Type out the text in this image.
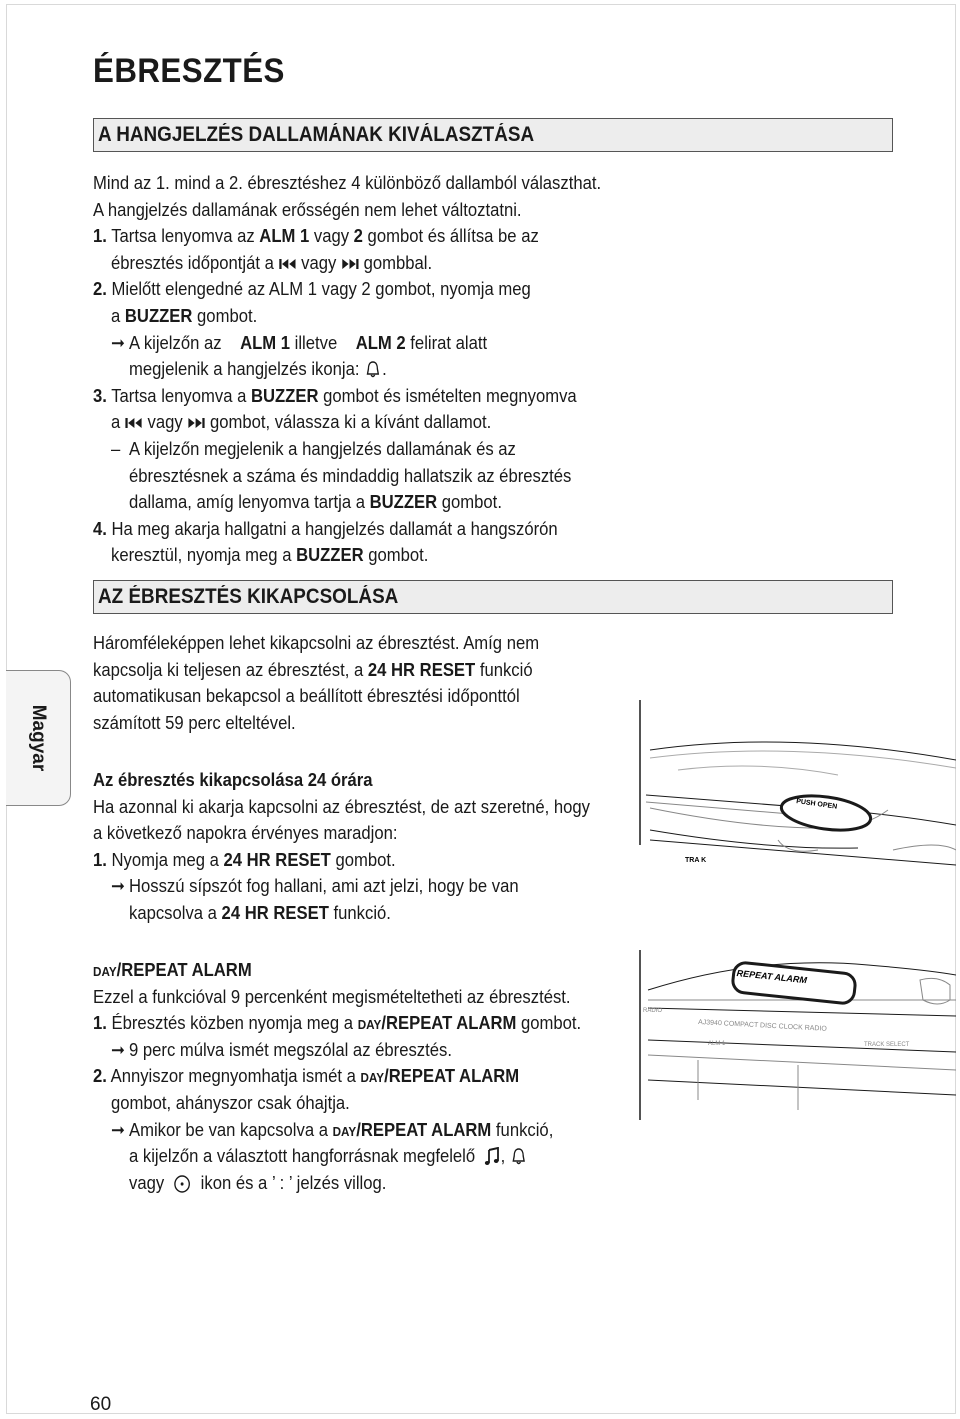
ÉBRESZTÉS
A HANGJELZÉS DALLAMÁNAK KIVÁLASZTÁSA
Mind az 1. mind a 2. ébresztéshez 4 különböző dallamból választhat.
A hangjelzés dallamának erősségén nem lehet változtatni.
1. Tartsa lenyomva az ALM 1 vagy 2 gombot és állítsa be az
ébresztés időpontját a vagy gombbal.
2. Mielőtt elengedné az ALM 1 vagy 2 gombot, nyomja meg
a BUZZER gombot.
➞ A kijelzőn az ALM 1 illetve ALM 2 felirat alatt
megjelenik a hangjelzés ikonja: .
3. Tartsa lenyomva a BUZZER gombot és ismételten megnyomva
a vagy gombot, válassza ki a kívánt dallamot.
– A kijelzőn megjelenik a hangjelzés dallamának és az
ébresztésnek a száma és mindaddig hallatszik az ébresztés
dallama, amíg lenyomva tartja a BUZZER gombot.
4. Ha meg akarja hallgatni a hangjelzés dallamát a hangszórón
keresztül, nyomja meg a BUZZER gombot.
AZ ÉBRESZTÉS KIKAPCSOLÁSA
Háromféleképpen lehet kikapcsolni az ébresztést. Amíg nem
kapcsolja ki teljesen az ébresztést, a 24 HR RESET funkció
automatikusan bekapcsol a beállított ébresztési időponttól
számított 59 perc elteltével.
Az ébresztés kikapcsolása 24 órára
Ha azonnal ki akarja kapcsolni az ébresztést, de azt szeretné, hogy
a következő napokra érvényes maradjon:
1. Nyomja meg a 24 HR RESET gombot.
➞ Hosszú sípszót fog hallani, ami azt jelzi, hogy be van
kapcsolva a 24 HR RESET funkció.
DAY/REPEAT ALARM
Ezzel a funkcióval 9 percenként megismételtetheti az ébresztést.
1. Ébresztés közben nyomja meg a DAY/REPEAT ALARM gombot.
➞ 9 perc múlva ismét megszólal az ébresztés.
2. Annyiszor megnyomhatja ismét a DAY/REPEAT ALARM
gombot, ahányszor csak óhajtja.
➞ Amikor be van kapcsolva a DAY/REPEAT ALARM funkció,
a kijelzőn a választott hangforrásnak megfelelő ,
vagy ikon és a ’ : ’ jelzés villog.
Magyar
PUSH OPEN
TRA K
REPEAT ALARM
RADIO
AJ3940 COMPACT DISC CLOCK RADIO
ALM 1	TRACK SELECT
60
